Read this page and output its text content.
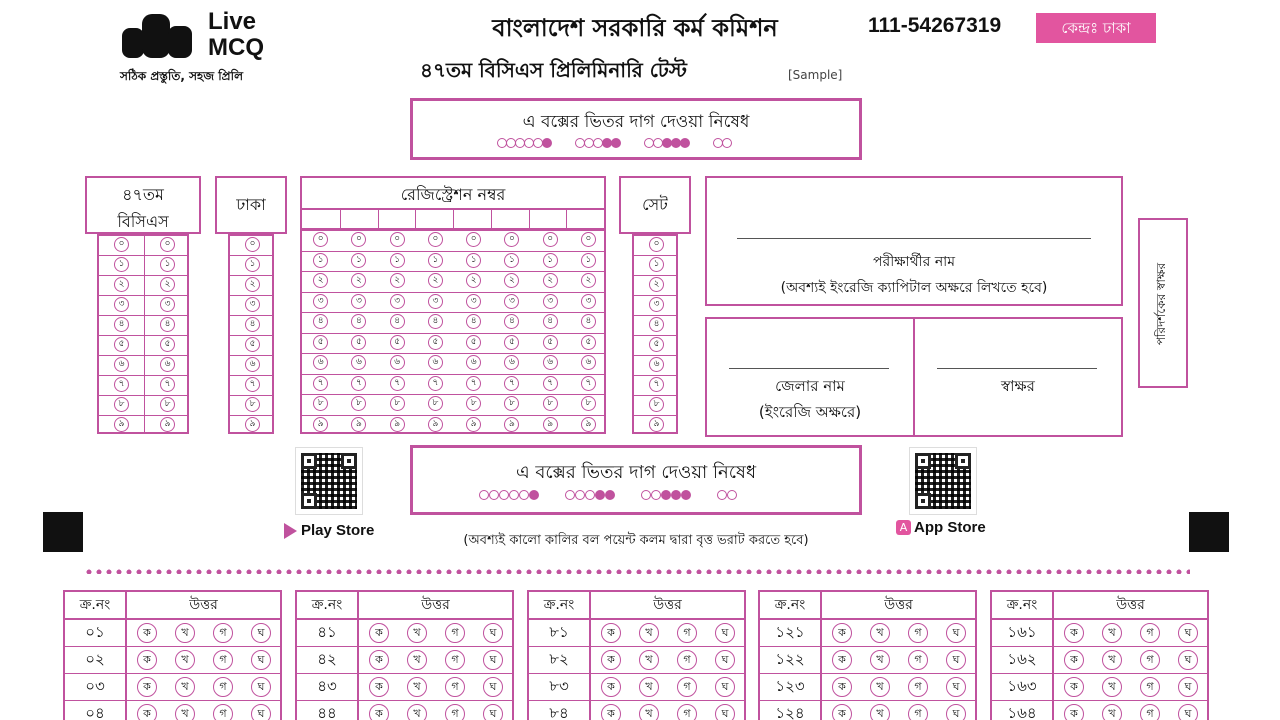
Live
MCQ
সঠিক প্রস্তুতি, সহজ প্রিলি
বাংলাদেশ সরকারি কর্ম কমিশন
৪৭তম বিসিএস প্রিলিমিনারি টেস্ট	[Sample]
111-54267319	কেন্দ্রঃ ঢাকা
এ বক্সের ভিতর দাগ দেওয়া নিষেধ
এ বক্সের ভিতর দাগ দেওয়া নিষেধ
৪৭তম
বিসিএস
০	০
১	১
২	২
৩	৩
৪	৪
৫	৫
৬	৬
৭	৭
৮	৮
৯	৯
ঢাকা
০
১
২
৩
৪
৫
৬
৭
৮
৯
রেজিস্ট্রেশন নম্বর
০	০	০	০	০	০	০	০
১	১	১	১	১	১	১	১
২	২	২	২	২	২	২	২
৩	৩	৩	৩	৩	৩	৩	৩
৪	৪	৪	৪	৪	৪	৪	৪
৫	৫	৫	৫	৫	৫	৫	৫
৬	৬	৬	৬	৬	৬	৬	৬
৭	৭	৭	৭	৭	৭	৭	৭
৮	৮	৮	৮	৮	৮	৮	৮
৯	৯	৯	৯	৯	৯	৯	৯
সেট
০
১
২
৩
৪
৫
৬
৭
৮
৯
পরীক্ষার্থীর নাম
(অবশ্যই ইংরেজি ক্যাপিটাল অক্ষরে লিখতে হবে)
জেলার নাম
(ইংরেজি অক্ষরে)
স্বাক্ষর
পরিদর্শকের স্বাক্ষর
Play Store	A App Store
(অবশ্যই কালো কালির বল পয়েন্ট কলম দ্বারা বৃত্ত ভরাট করতে হবে)
ক্র.নং	উত্তর
০১	ক	খ	গ	ঘ
০২	ক	খ	গ	ঘ
০৩	ক	খ	গ	ঘ
০৪	ক	খ	গ	ঘ
ক্র.নং	উত্তর
৪১	ক	খ	গ	ঘ
৪২	ক	খ	গ	ঘ
৪৩	ক	খ	গ	ঘ
৪৪	ক	খ	গ	ঘ
ক্র.নং	উত্তর
৮১	ক	খ	গ	ঘ
৮২	ক	খ	গ	ঘ
৮৩	ক	খ	গ	ঘ
৮৪	ক	খ	গ	ঘ
ক্র.নং	উত্তর
১২১	ক	খ	গ	ঘ
১২২	ক	খ	গ	ঘ
১২৩	ক	খ	গ	ঘ
১২৪	ক	খ	গ	ঘ
ক্র.নং	উত্তর
১৬১	ক	খ	গ	ঘ
১৬২	ক	খ	গ	ঘ
১৬৩	ক	খ	গ	ঘ
১৬৪	ক	খ	গ	ঘ
